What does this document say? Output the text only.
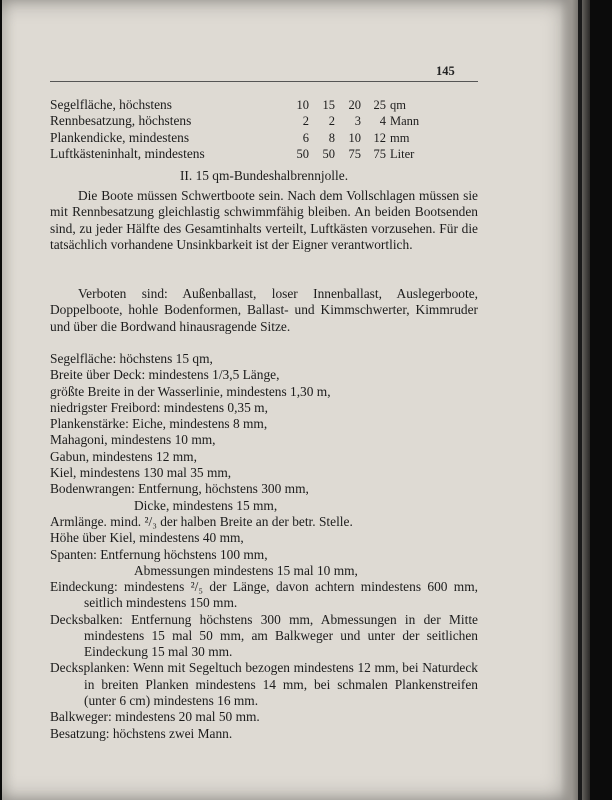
145
Segelfläche, höchstens	10	15	20	25	qm
Rennbesatzung, höchstens	2	2	3	4	Mann
Plankendicke, mindestens	6	8	10	12	mm
Luftkästeninhalt, mindestens	50	50	75	75	Liter
II. 15 qm-Bundeshalbrennjolle.
Die Boote müssen Schwertboote sein. Nach dem Vollschlagen müssen sie mit Rennbesatzung gleichlastig schwimmfähig bleiben. An beiden Bootsenden sind, zu jeder Hälfte des Gesamtinhalts verteilt, Luftkästen vorzusehen. Für die tatsächlich vorhandene Unsinkbarkeit ist der Eigner verantwortlich.
Verboten sind: Außenballast, loser Innenballast, Auslegerboote, Doppelboote, hohle Bodenformen, Ballast- und Kimmschwerter, Kimmruder und über die Bordwand hinausragende Sitze.
Segelfläche: höchstens 15 qm,
Breite über Deck: mindestens 1/3,5 Länge,
größte Breite in der Wasserlinie, mindestens 1,30 m,
niedrigster Freibord: mindestens 0,35 m,
Plankenstärke: Eiche, mindestens 8 mm,
Mahagoni, mindestens 10 mm,
Gabun, mindestens 12 mm,
Kiel, mindestens 130 mal 35 mm,
Bodenwrangen: Entfernung, höchstens 300 mm,
Dicke, mindestens 15 mm,
Armlänge. mind. ²/₃ der halben Breite an der betr. Stelle.
Höhe über Kiel, mindestens 40 mm,
Spanten: Entfernung höchstens 100 mm,
Abmessungen mindestens 15 mal 10 mm,
Eindeckung: mindestens ²/₅ der Länge, davon achtern mindestens 600 mm, seitlich mindestens 150 mm.
Decksbalken: Entfernung höchstens 300 mm, Abmessungen in der Mitte mindestens 15 mal 50 mm, am Balkweger und unter der seitlichen Eindeckung 15 mal 30 mm.
Decksplanken: Wenn mit Segeltuch bezogen mindestens 12 mm, bei Naturdeck in breiten Planken mindestens 14 mm, bei schmalen Plankenstreifen (unter 6 cm) mindestens 16 mm.
Balkweger: mindestens 20 mal 50 mm.
Besatzung: höchstens zwei Mann.
